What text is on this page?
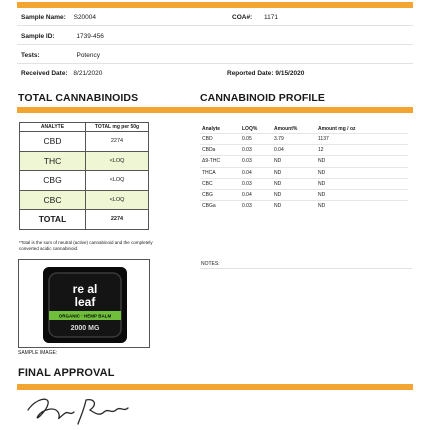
Sample Name: S20004	COA#: 1171
Sample ID:	1739-456
Tests:	Potency
Received Date: 8/21/2020	Reported Date: 9/15/2020
TOTAL CANNABINOIDS	CANNABINOID PROFILE
ANALYTE	TOTAL mg per 50g
CBD	2274
THC	<LOQ
CBG	<LOQ
CBC	<LOQ
TOTAL	2274
*Total is the sum of neutral (active) cannabinoid and the completely converted acidic cannabinoid.
Analyte	LOQ%	Amount%	Amount mg / oz
CBD	0.05	3.79	1137
CBDa	0.03	0.04	12
Δ9-THC	0.03	ND	ND
THCA	0.04	ND	ND
CBC	0.03	ND	ND
CBG	0.04	ND	ND
CBGa	0.03	ND	ND
NOTES:
re al
leaf
ORGANIC · HEMP BALM
2000 MG
SAMPLE IMAGE:
FINAL APPROVAL
